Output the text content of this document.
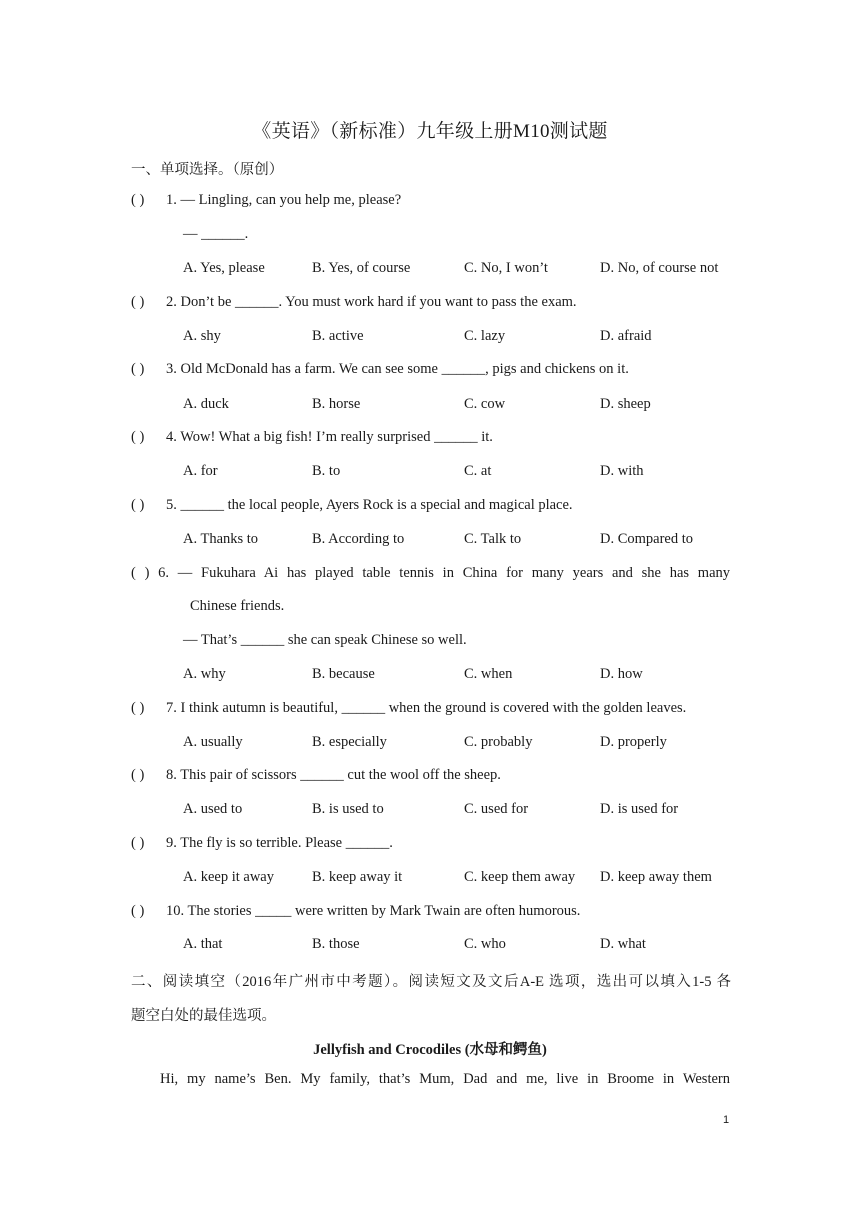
《英语》（新标准）九年级上册M10测试题
一、单项选择。（原创）
( ) 1. — Lingling, can you help me, please?
— ______.
A. Yes, please	B. Yes, of course	C. No, I won’t	D. No, of course not
( ) 2. Don’t be ______. You must work hard if you want to pass the exam.
A. shy	B. active	C. lazy	D. afraid
( ) 3. Old McDonald has a farm. We can see some ______, pigs and chickens on it.
A. duck	B. horse	C. cow	D. sheep
( ) 4. Wow! What a big fish! I’m really surprised ______ it.
A. for	B. to	C. at	D. with
( ) 5. ______ the local people, Ayers Rock is a special and magical place.
A. Thanks to	B. According to	C. Talk to	D. Compared to
( ) 6. — Fukuhara Ai has played table tennis in China for many years and she has many
Chinese friends.
— That’s ______ she can speak Chinese so well.
A. why	B. because	C. when	D. how
( ) 7. I think autumn is beautiful, ______ when the ground is covered with the golden leaves.
A. usually	B. especially	C. probably	D. properly
( ) 8. This pair of scissors ______ cut the wool off the sheep.
A. used to	B. is used to	C. used for	D. is used for
( ) 9. The fly is so terrible. Please ______.
A. keep it away	B. keep away it	C. keep them away D. keep away them
( ) 10. The stories _____ were written by Mark Twain are often humorous.
A. that	B. those	C. who	D. what
二、阅读填空（2016年广州市中考题）。阅读短文及文后A-E 选项，选出可以填入1-5 各
题空白处的最佳选项。
Jellyfish and Crocodiles (水母和鳄鱼)
Hi, my name’s Ben. My family, that’s Mum, Dad and me, live in Broome in Western
1
